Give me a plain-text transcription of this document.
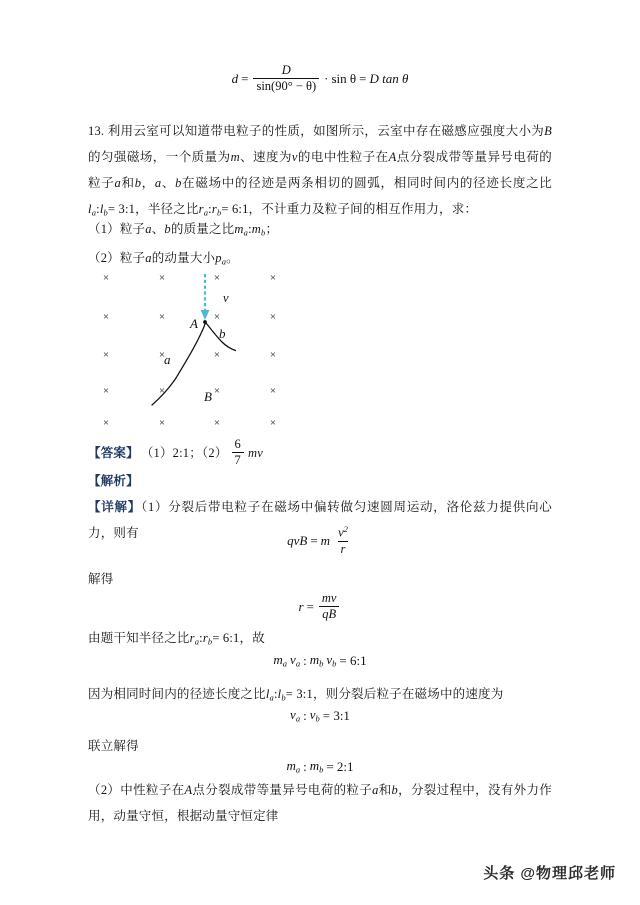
$d = \frac{D}{\sin(90^\circ - \theta)} \cdot \sin \theta = D$ tan θ
13. 利用云室可以知道带电粒子的性质，如图所示，云室中存在磁感应强度大小为B的匀强磁场，一个质量为m、速度为v的电中性粒子在A点分裂成带等量异号电荷的粒子a和b，a、b在磁场中的径迹是两条相切的圆弧，相同时间内的径迹长度之比$l_a:l_b=$ 3:1，半径之比$r_a:r_b=$ 6:1，不计重力及粒子间的相互作用力，求：
（1）粒子a、b的质量之比$m_a:m_b$；
（2）粒子a的动量大小$p_a$。
×	×	×	×
×	×	×	×
×	×	×	×
×	×	×	×
×	×	×	×
v
A
b
a
B
【答案】 （1）2:1；$(2) \frac{6}{7}$ mv
【解析】
【详解】（1）分裂后带电粒子在磁场中偏转做匀速圆周运动，洛伦兹力提供向心力，则有	qvB = m $\frac{v^2}{r}$
解得
$r = \frac{mv}{qB}$
由题干知半径之比$r_a:r_b=$ 6:1，故
$m_a$ $v_a$ : $m_b$ $v_b$ = 6:1
因为相同时间内的径迹长度之比$l_a:l_b=$ 3:1，则分裂后粒子在磁场中的速度为
$v_a$ : $v_b$ = 3:1
联立解得
$m_a$ : $m_b$ = 2:1
（2）中性粒子在A点分裂成带等量异号电荷的粒子a和b，分裂过程中，没有外力作用，动量守恒，根据动量守恒定律
头条 @物理邱老师
